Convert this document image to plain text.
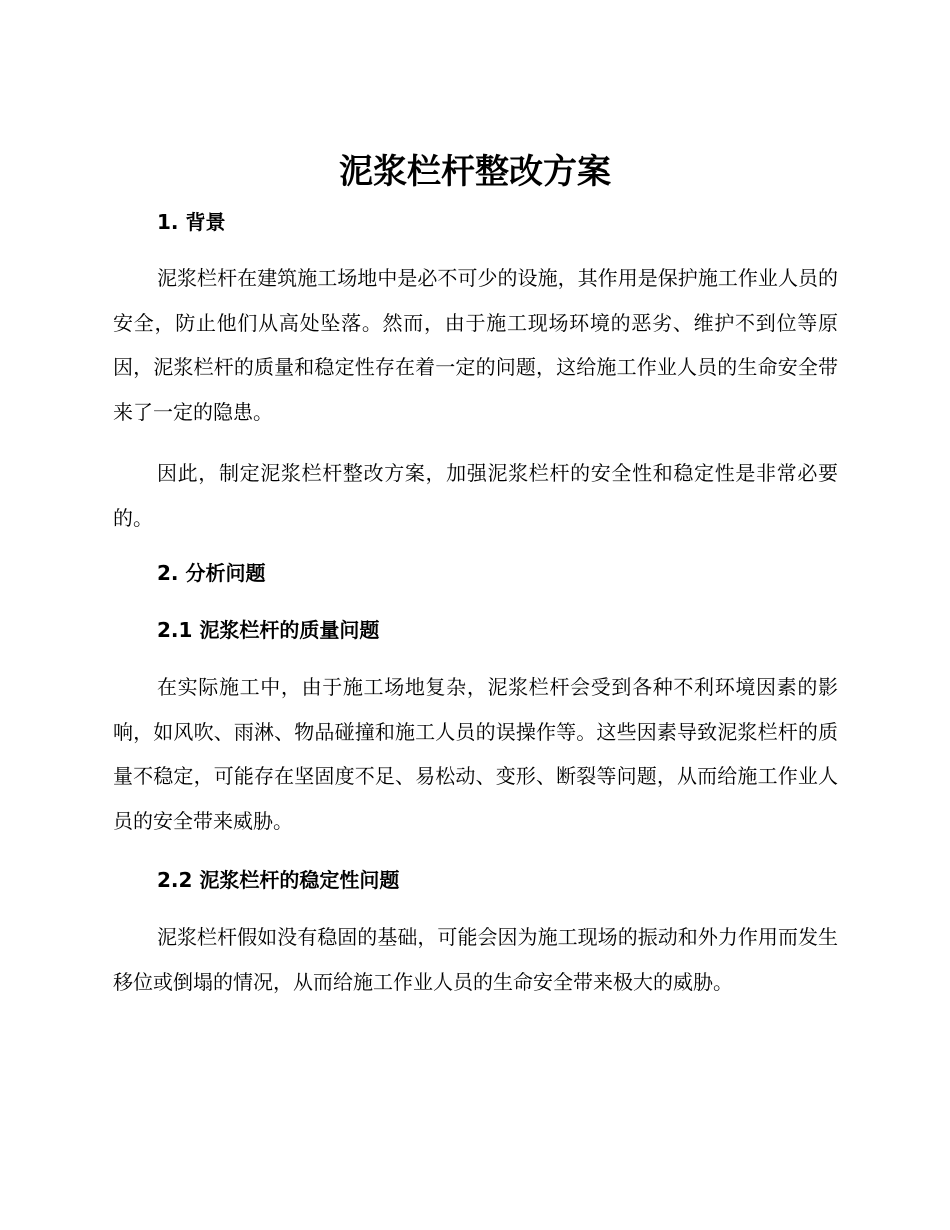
泥浆栏杆整改方案
1. 背景

泥浆栏杆在建筑施工场地中是必不可少的设施，其作用是保护施工作业人员的安全，防止他们从高处坠落。然而，由于施工现场环境的恶劣、维护不到位等原因，泥浆栏杆的质量和稳定性存在着一定的问题，这给施工作业人员的生命安全带来了一定的隐患。

因此，制定泥浆栏杆整改方案，加强泥浆栏杆的安全性和稳定性是非常必要的。

2. 分析问题
2.1 泥浆栏杆的质量问题

在实际施工中，由于施工场地复杂，泥浆栏杆会受到各种不利环境因素的影响，如风吹、雨淋、物品碰撞和施工人员的误操作等。这些因素导致泥浆栏杆的质量不稳定，可能存在坚固度不足、易松动、变形、断裂等问题，从而给施工作业人员的安全带来威胁。

2.2 泥浆栏杆的稳定性问题

泥浆栏杆假如没有稳固的基础，可能会因为施工现场的振动和外力作用而发生移位或倒塌的情况，从而给施工作业人员的生命安全带来极大的威胁。
